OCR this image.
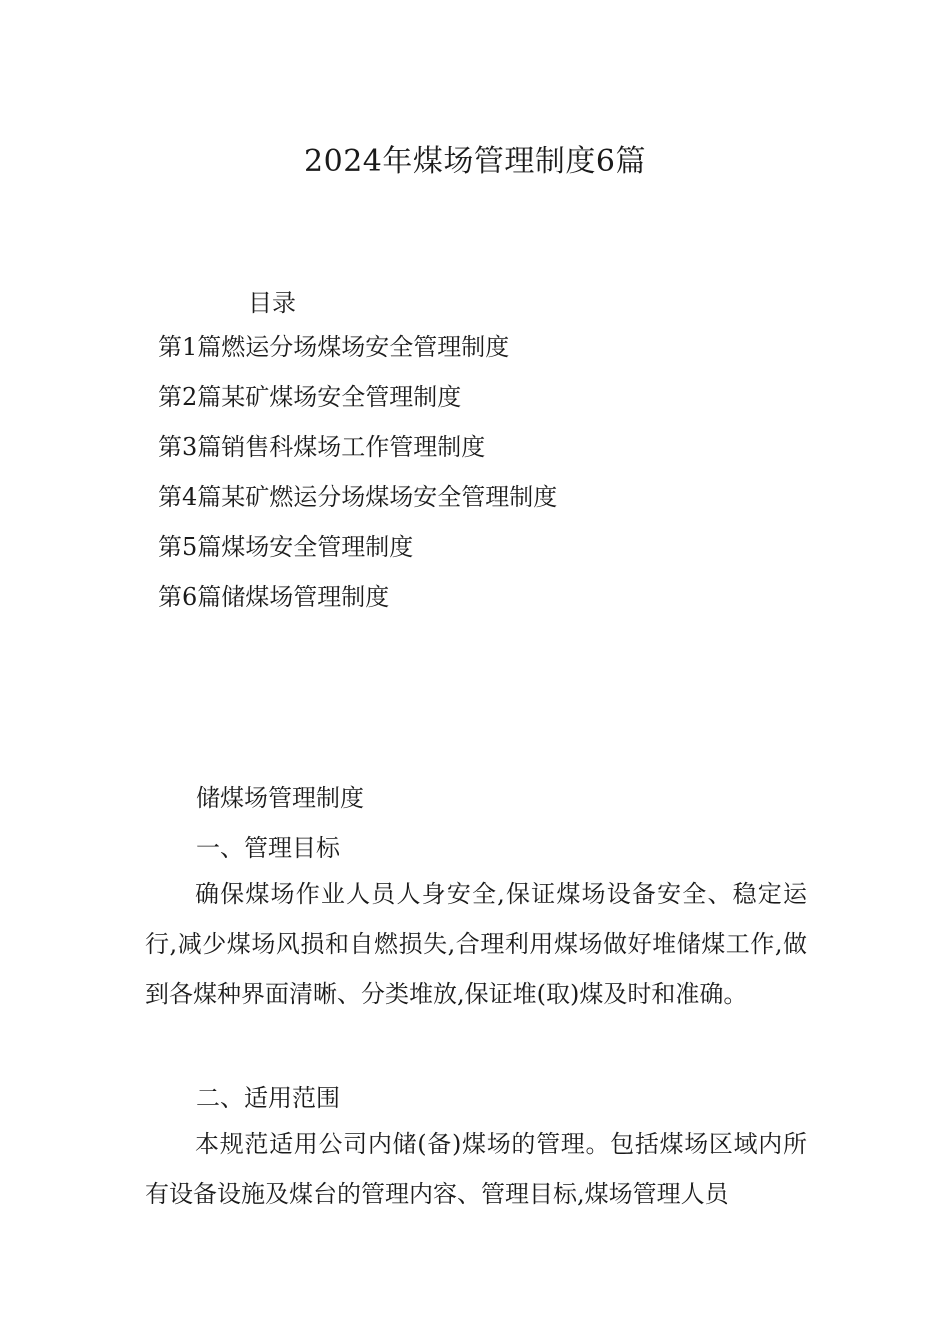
2024年煤场管理制度6篇
目录
第1篇燃运分场煤场安全管理制度
第2篇某矿煤场安全管理制度
第3篇销售科煤场工作管理制度
第4篇某矿燃运分场煤场安全管理制度
第5篇煤场安全管理制度
第6篇储煤场管理制度
储煤场管理制度
一、管理目标

确保煤场作业人员人身安全,保证煤场设备安全、稳定运行,减少煤场风损和自燃损失,合理利用煤场做好堆储煤工作,做到各煤种界面清晰、分类堆放,保证堆(取)煤及时和准确。

二、适用范围

本规范适用公司内储(备)煤场的管理。包括煤场区域内所有设备设施及煤台的管理内容、管理目标,煤场管理人员
